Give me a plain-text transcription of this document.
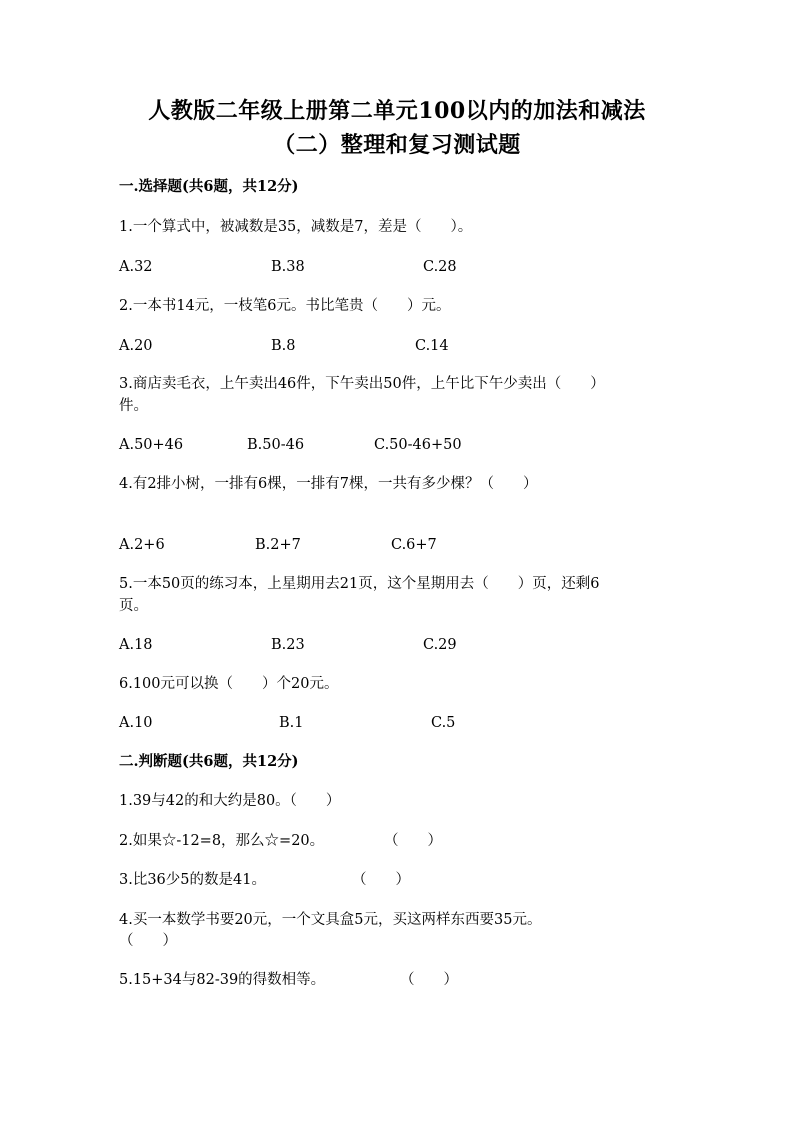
人教版二年级上册第二单元100以内的加法和减法
（二）整理和复习测试题
一.选择题(共6题，共12分)
1.一个算式中，被减数是35，减数是7，差是（　　）。
A.32	B.38	C.28
2.一本书14元，一枝笔6元。书比笔贵（　　）元。
A.20	B.8	C.14
3.商店卖毛衣，上午卖出46件，下午卖出50件，上午比下午少卖出（　　）
件。
A.50+46	B.50-46	C.50-46+50
4.有2排小树，一排有6棵，一排有7棵，一共有多少棵？（　　）
A.2+6	B.2+7	C.6+7
5.一本50页的练习本，上星期用去21页，这个星期用去（　　）页，还剩6
页。
A.18	B.23	C.29
6.100元可以换（　　）个20元。
A.10	B.1	C.5
二.判断题(共6题，共12分)
1.39与42的和大约是80。（　　）
2.如果☆-12=8，那么☆=20。	（　　）
3.比36少5的数是41。	（　　）
4.买一本数学书要20元，一个文具盒5元，买这两样东西要35元。
（　　）
5.15+34与82-39的得数相等。	（　　）
